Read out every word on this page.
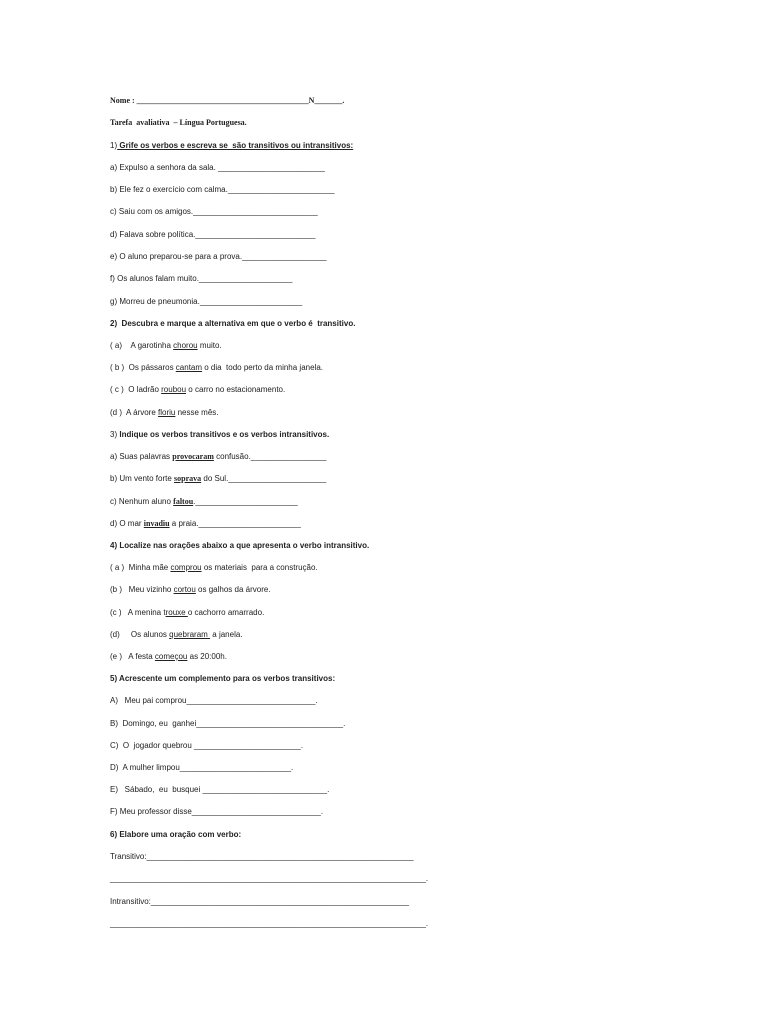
Nome : ___________________________________________N_______.
Tarefa  avaliativa  – Língua Portuguesa.
1) Grife os verbos e escreva se  são transitivos ou intransitivos:
a) Expulso a senhora da sala. ________________________
b) Ele fez o exercício com calma.________________________
c) Saiu com os amigos.____________________________
d) Falava sobre política.___________________________
e) O aluno preparou-se para a prova.___________________
f) Os alunos falam muito._____________________
g) Morreu de pneumonia._______________________
2)  Descubra e marque a alternativa em que o verbo é  transitivo.
( a)    A garotinha chorou muito.
( b )  Os pássaros cantam o dia  todo perto da minha janela.
( c )  O ladrão roubou o carro no estacionamento.
(d )  A árvore floriu nesse mês.
3) Indique os verbos transitivos e os verbos intransitivos.
a) Suas palavras provocaram confusão._________________
b) Um vento forte soprava do Sul.______________________
c) Nenhum aluno faltou._______________________
d) O mar invadiu a praia._______________________
4) Localize nas orações abaixo a que apresenta o verbo intransitivo.
( a )  Minha mãe comprou os materiais  para a construção.
(b )   Meu vizinho cortou os galhos da árvore.
(c )   A menina trouxe o cachorro amarrado.
(d)     Os alunos quebraram  a janela.
(e )   A festa começou as 20:00h.
5) Acrescente um complemento para os verbos transitivos:
A)   Meu pai comprou_____________________________.
B)  Domingo, eu  ganhei_________________________________.
C)  O  jogador quebrou ________________________.
D)  A mulher limpou_________________________.
E)   Sábado,  eu  busquei ____________________________.
F) Meu professor disse_____________________________.
6) Elabore uma oração com verbo:
Transitivo:____________________________________________________________
_______________________________________________________________________.
Intransitivo:__________________________________________________________
_______________________________________________________________________.
